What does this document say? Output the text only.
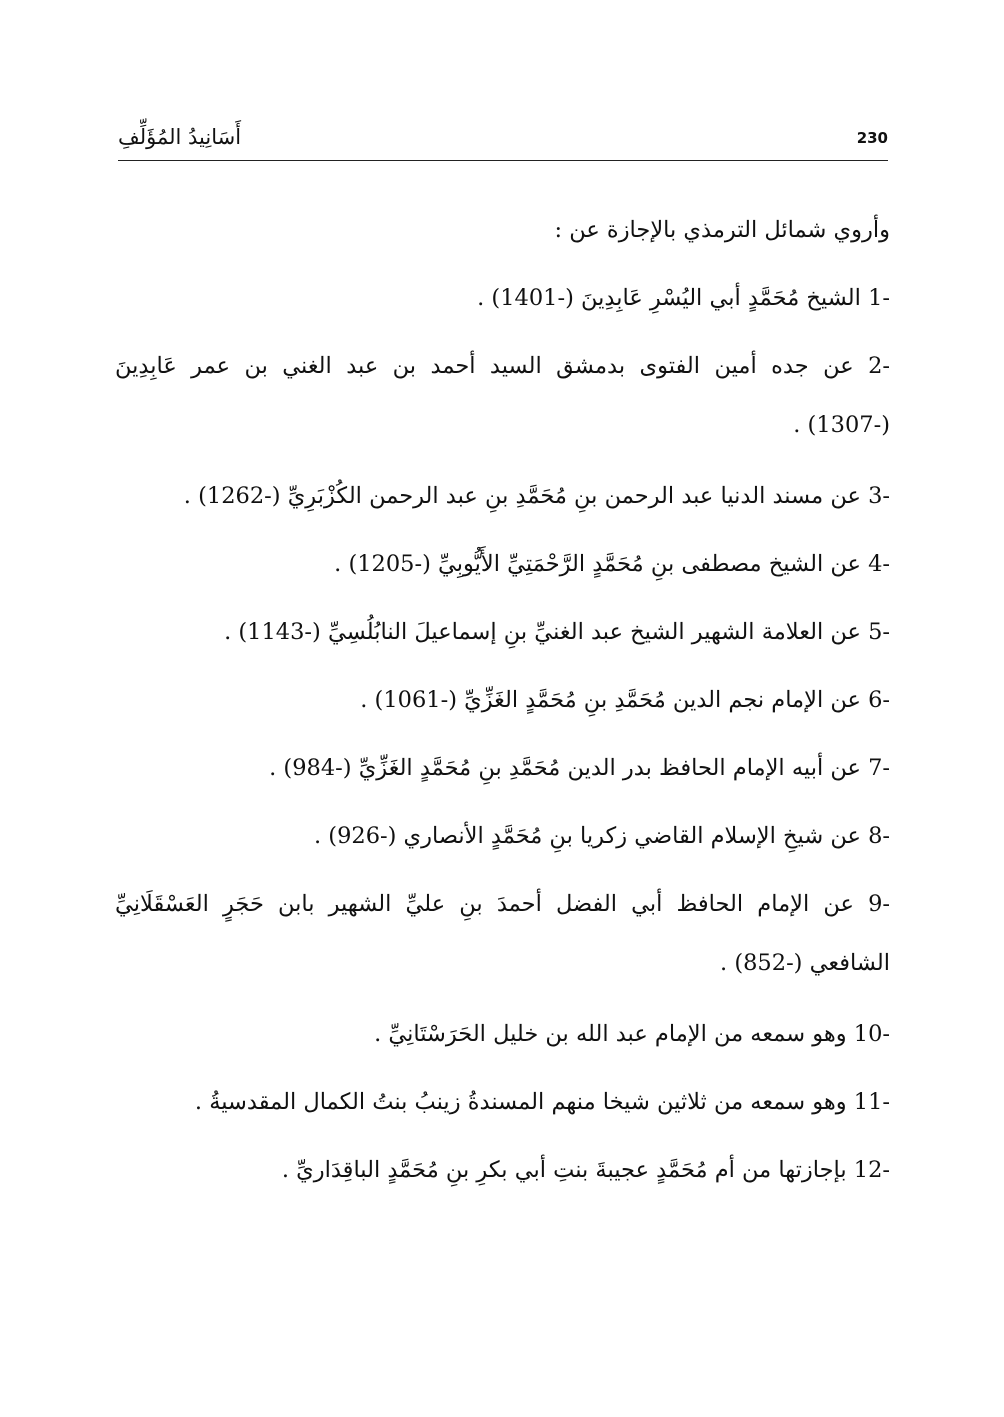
أَسَانِيدُ المُؤَلِّفِ	230

وأروي شمائل الترمذي بالإجازة عن :

-1 الشيخ مُحَمَّدٍ أبي اليُسْرِ عَابِدِينَ (-1401) .

-2 عن جده أمين الفتوى بدمشق السيد أحمد بن عبد الغني بن عمر عَابِدِينَ

(-1307) .

-3 عن مسند الدنيا عبد الرحمن بنِ مُحَمَّدِ بنِ عبد الرحمن الكُزْبَرِيِّ (-1262) .

-4 عن الشيخ مصطفى بنِ مُحَمَّدٍ الرَّحْمَتِيِّ الأَيُّوبِيِّ (-1205) .

-5 عن العلامة الشهير الشيخ عبد الغنيِّ بنِ إسماعيلَ النابُلُسِيِّ (-1143) .

-6 عن الإمام نجم الدين مُحَمَّدِ بنِ مُحَمَّدٍ الغَزِّيِّ (-1061) .

-7 عن أبيه الإمام الحافظ بدر الدين مُحَمَّدِ بنِ مُحَمَّدٍ الغَزِّيِّ (-984) .

-8 عن شيخِ الإسلام القاضي زكريا بنِ مُحَمَّدٍ الأنصاري (-926) .

-9 عن الإمام الحافظ أبي الفضل أحمدَ بنِ عليِّ الشهير بابن حَجَرٍ العَسْقَلَانِيِّ

الشافعي (-852) .

-10 وهو سمعه من الإمام عبد الله بن خليل الحَرَسْتَانِيِّ .

-11 وهو سمعه من ثلاثين شيخا منهم المسندةُ زينبُ بنتُ الكمال المقدسيةُ .

-12 بإجازتها من أم مُحَمَّدٍ عجيبةَ بنتِ أبي بكرِ بنِ مُحَمَّدٍ الباقِدَاريِّ .
